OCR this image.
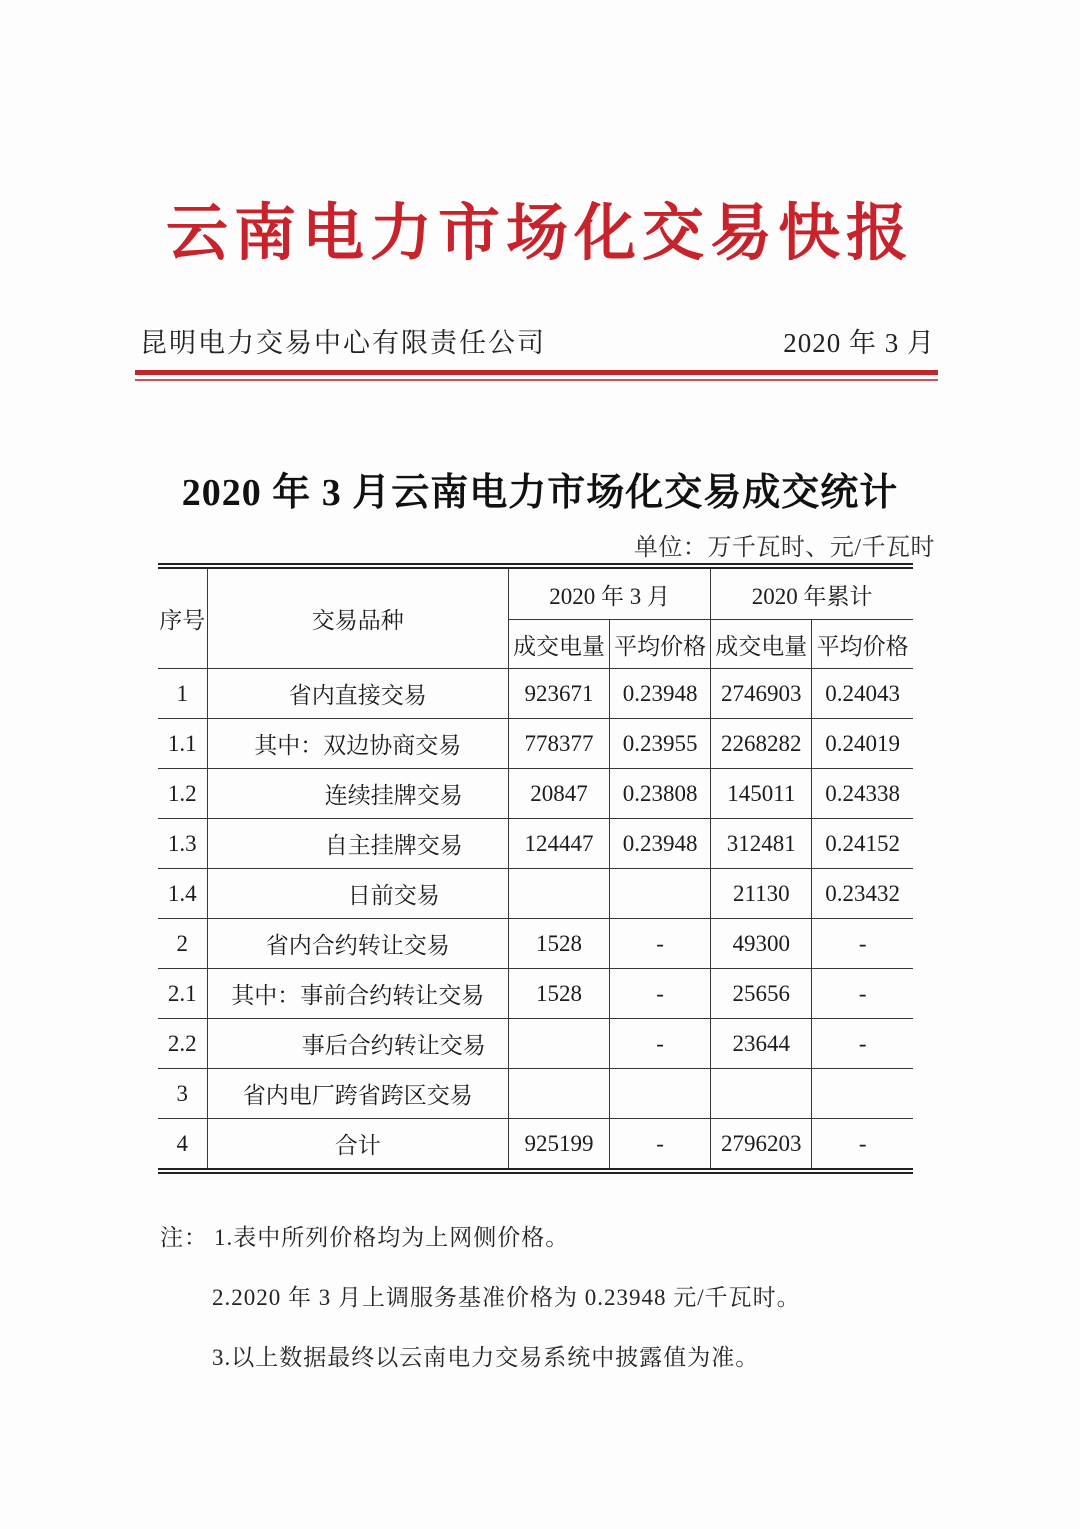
云南电力市场化交易快报
昆明电力交易中心有限责任公司	2020 年 3 月
2020 年 3 月云南电力市场化交易成交统计
单位：万千瓦时、元/千瓦时
序号	交易品种	2020 年 3 月		2020 年累计	
		成交电量	平均价格	成交电量	平均价格
1	省内直接交易	923671	0.23948	2746903	0.24043
1.1	其中：双边协商交易	778377	0.23955	2268282	0.24019
1.2	连续挂牌交易	20847	0.23808	145011	0.24338
1.3	自主挂牌交易	124447	0.23948	312481	0.24152
1.4	日前交易			21130	0.23432
2	省内合约转让交易	1528	-	49300	-
2.1	其中：事前合约转让交易	1528	-	25656	-
2.2	事后合约转让交易		-	23644	-
3	省内电厂跨省跨区交易				
4	合计	925199	-	2796203	-
注： 1.表中所列价格均为上网侧价格。
2.2020 年 3 月上调服务基准价格为 0.23948 元/千瓦时。
3.以上数据最终以云南电力交易系统中披露值为准。
